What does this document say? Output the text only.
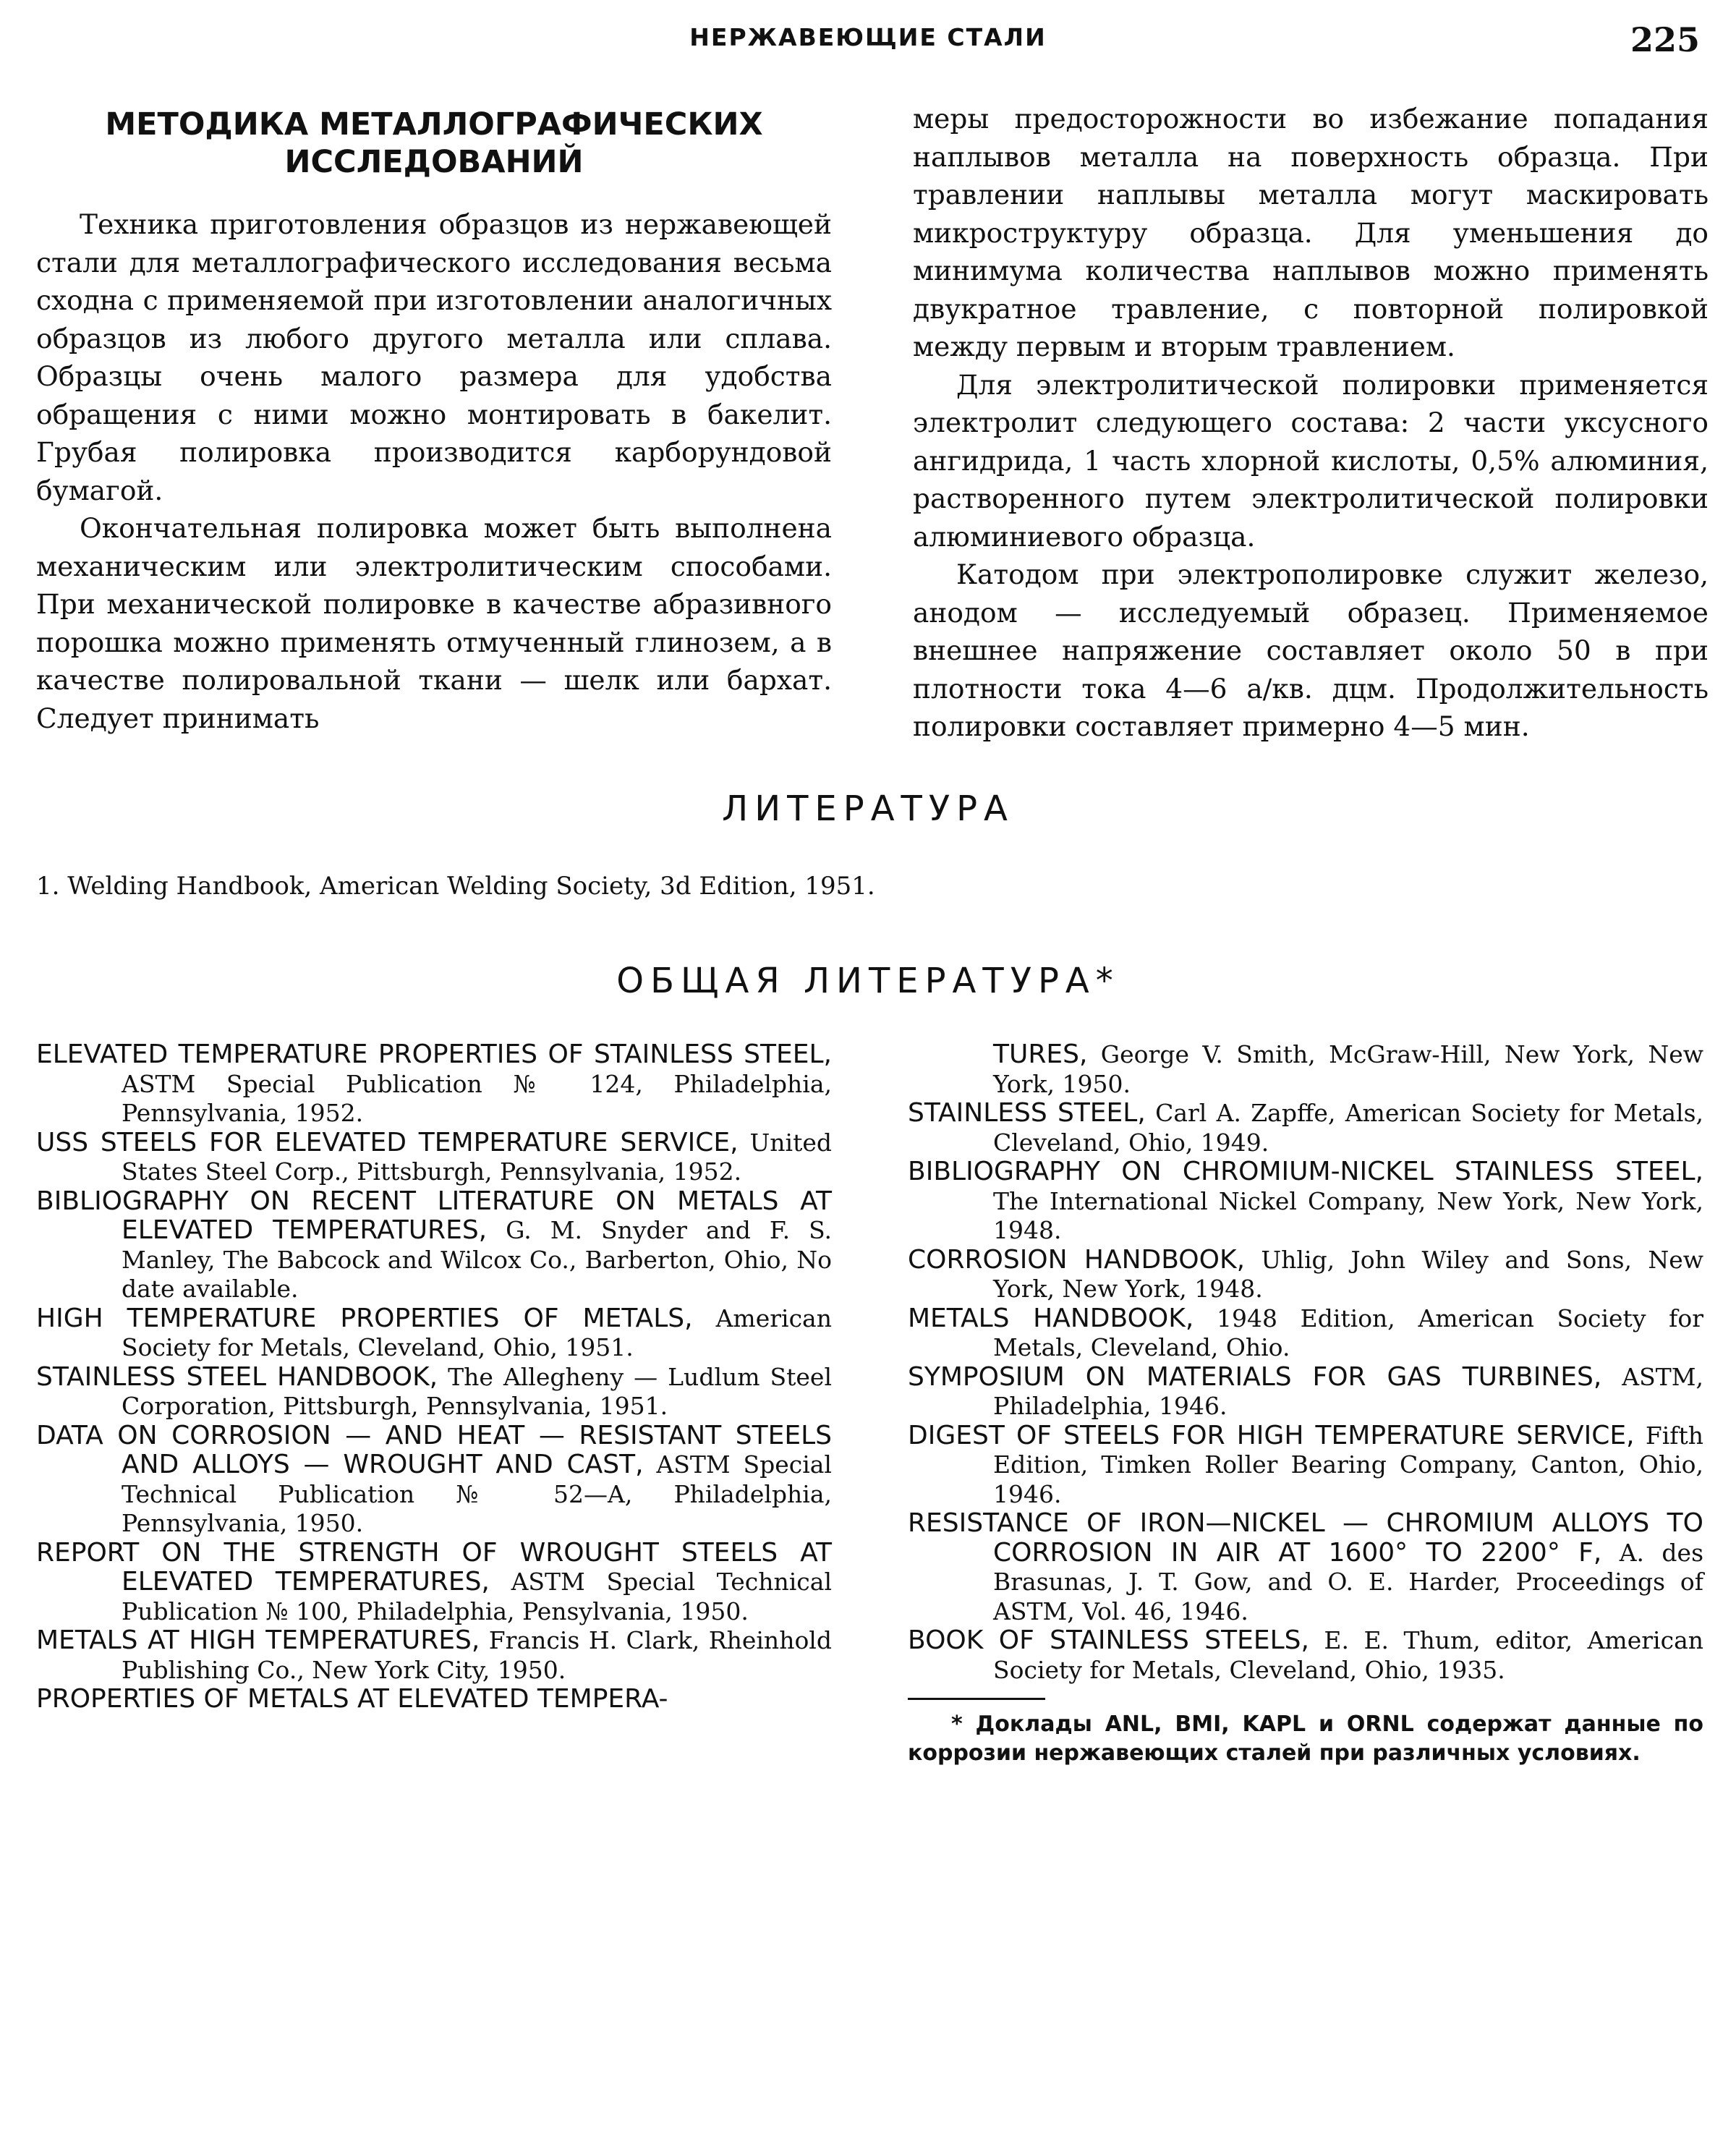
НЕРЖАВЕЮЩИЕ СТАЛИ	225
МЕТОДИКА МЕТАЛЛОГРАФИЧЕСКИХ
ИССЛЕДОВАНИЙ

Техника приготовления образцов из нержавеющей стали для металлографического исследования весьма сходна с применяемой при изготовлении аналогичных образцов из любого другого металла или сплава. Образцы очень малого размера для удобства обращения с ними можно монтировать в бакелит. Грубая полировка производится карборундовой бумагой.

Окончательная полировка может быть выполнена механическим или электролитическим способами. При механической полировке в качестве абразивного порошка можно применять отмученный глинозем, а в качестве полировальной ткани — шелк или бархат. Следует принимать

меры предосторожности во избежание попадания наплывов металла на поверхность образца. При травлении наплывы металла могут маскировать микроструктуру образца. Для уменьшения до минимума количества наплывов можно применять двукратное травление, с повторной полировкой между первым и вторым травлением.

Для электролитической полировки применяется электролит следующего состава: 2 части уксусного ангидрида, 1 часть хлорной кислоты, 0,5% алюминия, растворенного путем электролитической полировки алюминиевого образца.

Катодом при электрополировке служит железо, анодом — исследуемый образец. Применяемое внешнее напряжение составляет около 50 в при плотности тока 4—6 а/кв. дцм. Продолжительность полировки составляет примерно 4—5 мин.

ЛИТЕРАТУРА
1. Welding Handbook, American Welding Society, 3d Edition, 1951.
ОБЩАЯ ЛИТЕРАТУРА*

ELEVATED TEMPERATURE PROPERTIES OF STAINLESS STEEL, ASTM Special Publication № 124, Philadelphia, Pennsylvania, 1952.

USS STEELS FOR ELEVATED TEMPERATURE SERVICE, United States Steel Corp., Pittsburgh, Pennsylvania, 1952.

BIBLIOGRAPHY ON RECENT LITERATURE ON METALS AT ELEVATED TEMPERATURES, G. M. Snyder and F. S. Manley, The Babcock and Wilcox Co., Barberton, Ohio, No date available.

HIGH TEMPERATURE PROPERTIES OF METALS, American Society for Metals, Cleveland, Ohio, 1951.

STAINLESS STEEL HANDBOOK, The Allegheny — Ludlum Steel Corporation, Pittsburgh, Pennsylvania, 1951.

DATA ON CORROSION — AND HEAT — RESISTANT STEELS AND ALLOYS — WROUGHT AND CAST, ASTM Special Technical Publication № 52—A, Philadelphia, Pennsylvania, 1950.

REPORT ON THE STRENGTH OF WROUGHT STEELS AT ELEVATED TEMPERATURES, ASTM Special Technical Publication № 100, Philadelphia, Pensylvania, 1950.

METALS AT HIGH TEMPERATURES, Francis H. Clark, Rheinhold Publishing Co., New York City, 1950.

PROPERTIES OF METALS AT ELEVATED TEMPERA-

TURES, George V. Smith, McGraw-Hill, New York, New York, 1950.

STAINLESS STEEL, Carl A. Zapffe, American Society for Metals, Cleveland, Ohio, 1949.

BIBLIOGRAPHY ON CHROMIUM-NICKEL STAINLESS STEEL, The International Nickel Company, New York, New York, 1948.

CORROSION HANDBOOK, Uhlig, John Wiley and Sons, New York, New York, 1948.

METALS HANDBOOK, 1948 Edition, American Society for Metals, Cleveland, Ohio.

SYMPOSIUM ON MATERIALS FOR GAS TURBINES, ASTM, Philadelphia, 1946.

DIGEST OF STEELS FOR HIGH TEMPERATURE SERVICE, Fifth Edition, Timken Roller Bearing Company, Canton, Ohio, 1946.

RESISTANCE OF IRON—NICKEL — CHROMIUM ALLOYS TO CORROSION IN AIR AT 1600° TO 2200° F, A. des Brasunas, J. T. Gow, and O. E. Harder, Proceedings of ASTM, Vol. 46, 1946.

BOOK OF STAINLESS STEELS, E. E. Thum, editor, American Society for Metals, Cleveland, Ohio, 1935.

* Доклады ANL, BMI, KAPL и ORNL содержат данные по коррозии нержавеющих сталей при различных условиях.
